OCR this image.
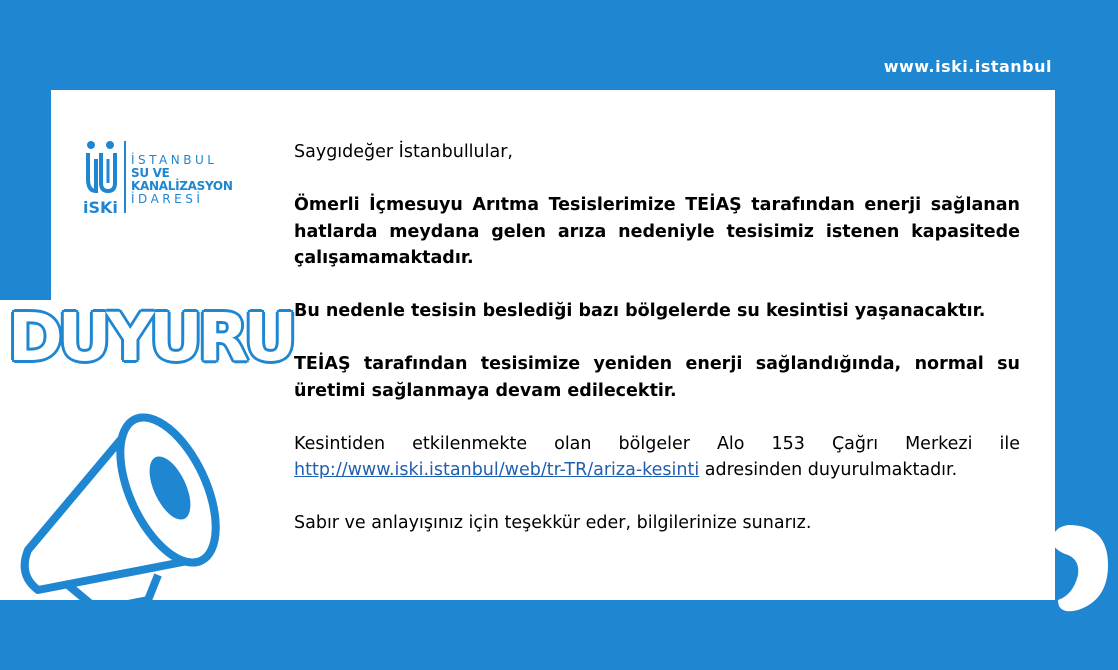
www.iski.istanbul
iSKi
İSTANBUL
SU VE KANALİZASYON
İDARESİ
DUYURU

Saygıdeğer İstanbullular,

Ömerli İçmesuyu Arıtma Tesislerimize TEİAŞ tarafından enerji sağlanan hatlarda meydana gelen arıza nedeniyle tesisimiz istenen kapasitede çalışamamaktadır.

Bu nedenle tesisin beslediği bazı bölgelerde su kesintisi yaşanacaktır.

TEİAŞ tarafından tesisimize yeniden enerji sağlandığında, normal su üretimi sağlanmaya devam edilecektir.

Kesintiden etkilenmekte olan bölgeler Alo 153 Çağrı Merkezi ile http://www.iski.istanbul/web/tr-TR/ariza-kesinti adresinden duyurulmaktadır.

Sabır ve anlayışınız için teşekkür eder, bilgilerinize sunarız.
